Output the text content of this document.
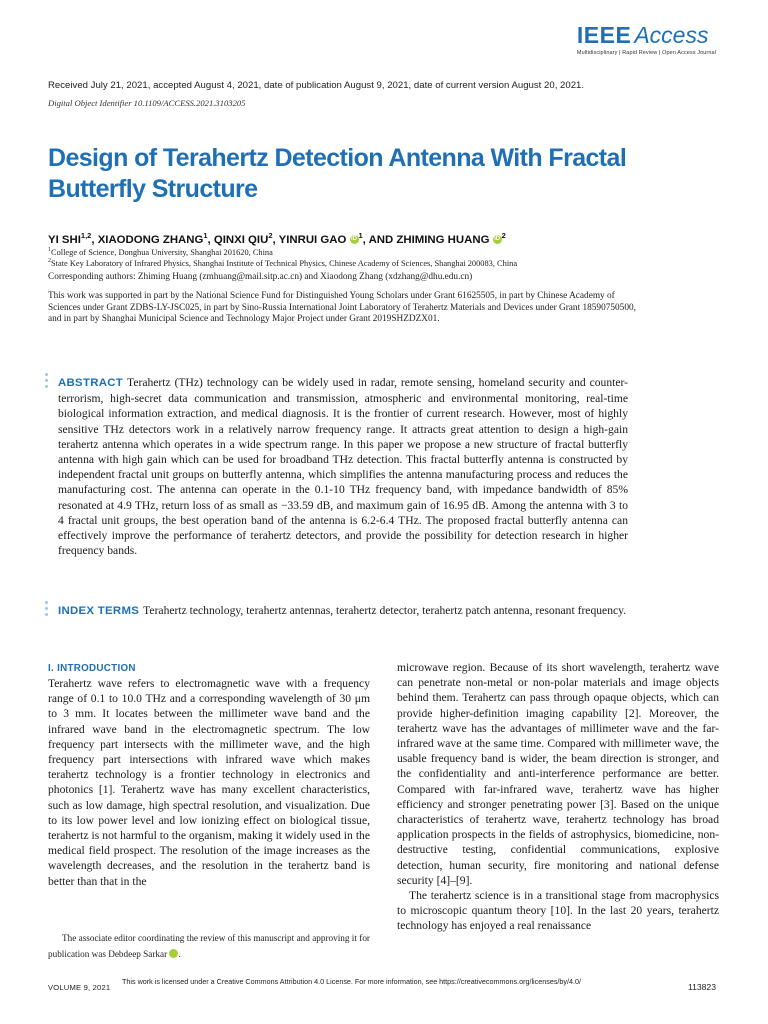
IEEE Access
Multidisciplinary | Rapid Review | Open Access Journal
Received July 21, 2021, accepted August 4, 2021, date of publication August 9, 2021, date of current version August 20, 2021.
Digital Object Identifier 10.1109/ACCESS.2021.3103205
Design of Terahertz Detection Antenna With Fractal Butterfly Structure
YI SHI$^{1,2}$, XIAODONG ZHANG$^1$, QINXI QIU$^2$, YINRUI GAO iD $^1$, AND ZHIMING HUANG iD $^2$
$^1$College of Science, Donghua University, Shanghai 201620, China
$^2$State Key Laboratory of Infrared Physics, Shanghai Institute of Technical Physics, Chinese Academy of Sciences, Shanghai 200083, China
Corresponding authors: Zhiming Huang (zmhuang@mail.sitp.ac.cn) and Xiaodong Zhang (xdzhang@dhu.edu.cn)
This work was supported in part by the National Science Fund for Distinguished Young Scholars under Grant 61625505, in part by Chinese Academy of Sciences under Grant ZDBS-LY-JSC025, in part by Sino-Russia International Joint Laboratory of Terahertz Materials and Devices under Grant 18590750500, and in part by Shanghai Municipal Science and Technology Major Project under Grant 2019SHZDZX01.
ABSTRACT Terahertz (THz) technology can be widely used in radar, remote sensing, homeland security and counter-terrorism, high-secret data communication and transmission, atmospheric and environmental monitoring, real-time biological information extraction, and medical diagnosis. It is the frontier of current research. However, most of highly sensitive THz detectors work in a relatively narrow frequency range. It attracts great attention to design a high-gain terahertz antenna which operates in a wide spectrum range. In this paper we propose a new structure of fractal butterfly antenna with high gain which can be used for broadband THz detection. This fractal butterfly antenna is constructed by independent fractal unit groups on butterfly antenna, which simplifies the antenna manufacturing process and reduces the manufacturing cost. The antenna can operate in the 0.1-10 THz frequency band, with impedance bandwidth of 85% resonated at 4.9 THz, return loss of as small as −33.59 dB, and maximum gain of 16.95 dB. Among the antenna with 3 to 4 fractal unit groups, the best operation band of the antenna is 6.2-6.4 THz. The proposed fractal butterfly antenna can effectively improve the performance of terahertz detectors, and provide the possibility for detection research in higher frequency bands.
INDEX TERMS Terahertz technology, terahertz antennas, terahertz detector, terahertz patch antenna, resonant frequency.
I. INTRODUCTION
Terahertz wave refers to electromagnetic wave with a frequency range of 0.1 to 10.0 THz and a corresponding wavelength of 30 μm to 3 mm. It locates between the millimeter wave band and the infrared wave band in the electromagnetic spectrum. The low frequency part intersects with the millimeter wave, and the high frequency part intersections with infrared wave which makes terahertz technology is a frontier technology in electronics and photonics [1]. Terahertz wave has many excellent characteristics, such as low damage, high spectral resolution, and visualization. Due to its low power level and low ionizing effect on biological tissue, terahertz is not harmful to the organism, making it widely used in the medical field prospect. The resolution of the image increases as the wavelength decreases, and the resolution in the terahertz band is better than that in the

microwave region. Because of its short wavelength, terahertz wave can penetrate non-metal or non-polar materials and image objects behind them. Terahertz can pass through opaque objects, which can provide higher-definition imaging capability [2]. Moreover, the terahertz wave has the advantages of millimeter wave and the far-infrared wave at the same time. Compared with millimeter wave, the usable frequency band is wider, the beam direction is stronger, and the confidentiality and anti-interference performance are better. Compared with far-infrared wave, terahertz wave has higher efficiency and stronger penetrating power [3]. Based on the unique characteristics of terahertz wave, terahertz technology has broad application prospects in the fields of astrophysics, biomedicine, non-destructive testing, confidential communications, explosive detection, human security, fire monitoring and national defense security [4]–[9].

The terahertz science is in a transitional stage from macrophysics to microscopic quantum theory [10]. In the last 20 years, terahertz technology has enjoyed a real renaissance

The associate editor coordinating the review of this manuscript and approving it for publication was Debdeep Sarkar	iD.
VOLUME 9, 2021
This work is licensed under a Creative Commons Attribution 4.0 License. For more information, see https://creativecommons.org/licenses/by/4.0/
113823
